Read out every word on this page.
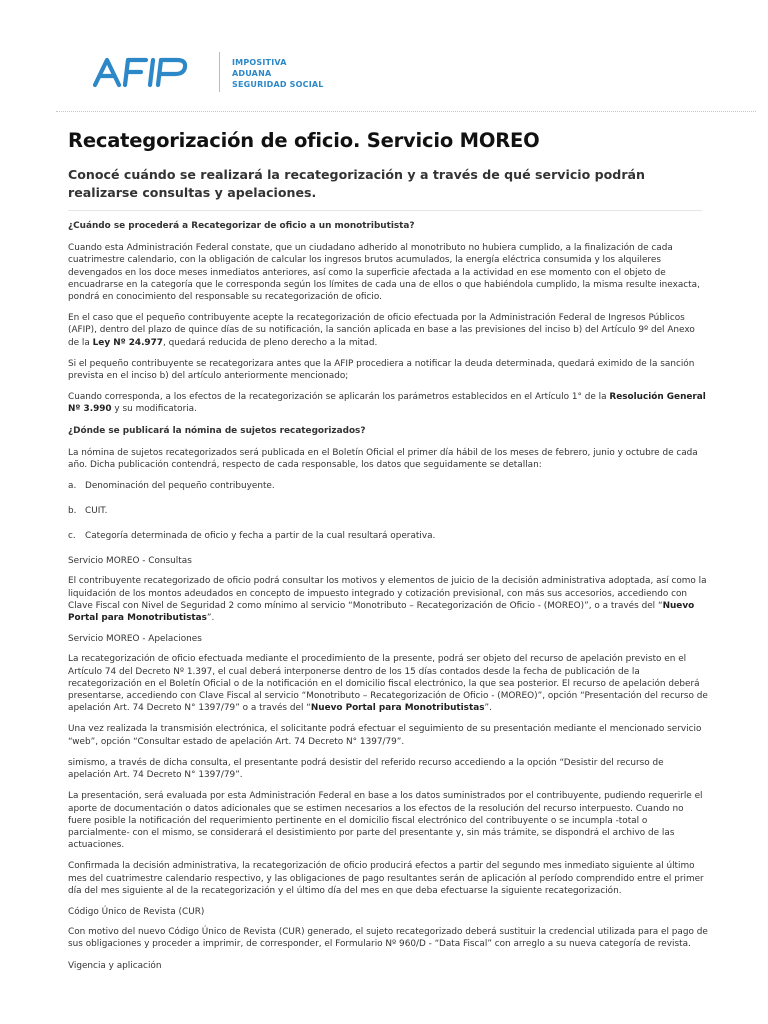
IMPOSITIVA
ADUANA
SEGURIDAD SOCIAL
Recategorización de oficio. Servicio MOREO

Conocé cuándo se realizará la recategorización y a través de qué servicio podrán realizarse consultas y apelaciones.

¿Cuándo se procederá a Recategorizar de oficio a un monotributista?

Cuando esta Administración Federal constate, que un ciudadano adherido al monotributo no hubiera cumplido, a la finalización de cada cuatrimestre calendario, con la obligación de calcular los ingresos brutos acumulados, la energía eléctrica consumida y los alquileres devengados en los doce meses inmediatos anteriores, así como la superficie afectada a la actividad en ese momento con el objeto de encuadrarse en la categoría que le corresponda según los límites de cada una de ellos o que habiéndola cumplido, la misma resulte inexacta, pondrá en conocimiento del responsable su recategorización de oficio.

En el caso que el pequeño contribuyente acepte la recategorización de oficio efectuada por la Administración Federal de Ingresos Públicos (AFIP), dentro del plazo de quince días de su notificación, la sanción aplicada en base a las previsiones del inciso b) del Artículo 9º del Anexo de la Ley Nº 24.977, quedará reducida de pleno derecho a la mitad.

Si el pequeño contribuyente se recategorizara antes que la AFIP procediera a notificar la deuda determinada, quedará eximido de la sanción prevista en el inciso b) del artículo anteriormente mencionado;

Cuando corresponda, a los efectos de la recategorización se aplicarán los parámetros establecidos en el Artículo 1° de la Resolución General Nº 3.990 y su modificatoria.

¿Dónde se publicará la nómina de sujetos recategorizados?

La nómina de sujetos recategorizados será publicada en el Boletín Oficial el primer día hábil de los meses de febrero, junio y octubre de cada año. Dicha publicación contendrá, respecto de cada responsable, los datos que seguidamente se detallan:

a. Denominación del pequeño contribuyente.
b. CUIT.
c. Categoría determinada de oficio y fecha a partir de la cual resultará operativa.

Servicio MOREO - Consultas

El contribuyente recategorizado de oficio podrá consultar los motivos y elementos de juicio de la decisión administrativa adoptada, así como la liquidación de los montos adeudados en concepto de impuesto integrado y cotización previsional, con más sus accesorios, accediendo con Clave Fiscal con Nivel de Seguridad 2 como mínimo al servicio “Monotributo – Recategorización de Oficio - (MOREO)”, o a través del “Nuevo Portal para Monotributistas”.

Servicio MOREO - Apelaciones

La recategorización de oficio efectuada mediante el procedimiento de la presente, podrá ser objeto del recurso de apelación previsto en el Artículo 74 del Decreto Nº 1.397, el cual deberá interponerse dentro de los 15 días contados desde la fecha de publicación de la recategorización en el Boletín Oficial o de la notificación en el domicilio fiscal electrónico, la que sea posterior. El recurso de apelación deberá presentarse, accediendo con Clave Fiscal al servicio “Monotributo – Recategorización de Oficio - (MOREO)”, opción “Presentación del recurso de apelación Art. 74 Decreto N° 1397/79” o a través del “Nuevo Portal para Monotributistas”.

Una vez realizada la transmisión electrónica, el solicitante podrá efectuar el seguimiento de su presentación mediante el mencionado servicio “web”, opción “Consultar estado de apelación Art. 74 Decreto N° 1397/79”.

simismo, a través de dicha consulta, el presentante podrá desistir del referido recurso accediendo a la opción “Desistir del recurso de apelación Art. 74 Decreto N° 1397/79”.

La presentación, será evaluada por esta Administración Federal en base a los datos suministrados por el contribuyente, pudiendo requerirle el aporte de documentación o datos adicionales que se estimen necesarios a los efectos de la resolución del recurso interpuesto. Cuando no fuere posible la notificación del requerimiento pertinente en el domicilio fiscal electrónico del contribuyente o se incumpla -total o parcialmente- con el mismo, se considerará el desistimiento por parte del presentante y, sin más trámite, se dispondrá el archivo de las actuaciones.

Confirmada la decisión administrativa, la recategorización de oficio producirá efectos a partir del segundo mes inmediato siguiente al último mes del cuatrimestre calendario respectivo, y las obligaciones de pago resultantes serán de aplicación al período comprendido entre el primer día del mes siguiente al de la recategorización y el último día del mes en que deba efectuarse la siguiente recategorización.

Código Único de Revista (CUR)

Con motivo del nuevo Código Único de Revista (CUR) generado, el sujeto recategorizado deberá sustituir la credencial utilizada para el pago de sus obligaciones y proceder a imprimir, de corresponder, el Formulario Nº 960/D - “Data Fiscal” con arreglo a su nueva categoría de revista.

Vigencia y aplicación
